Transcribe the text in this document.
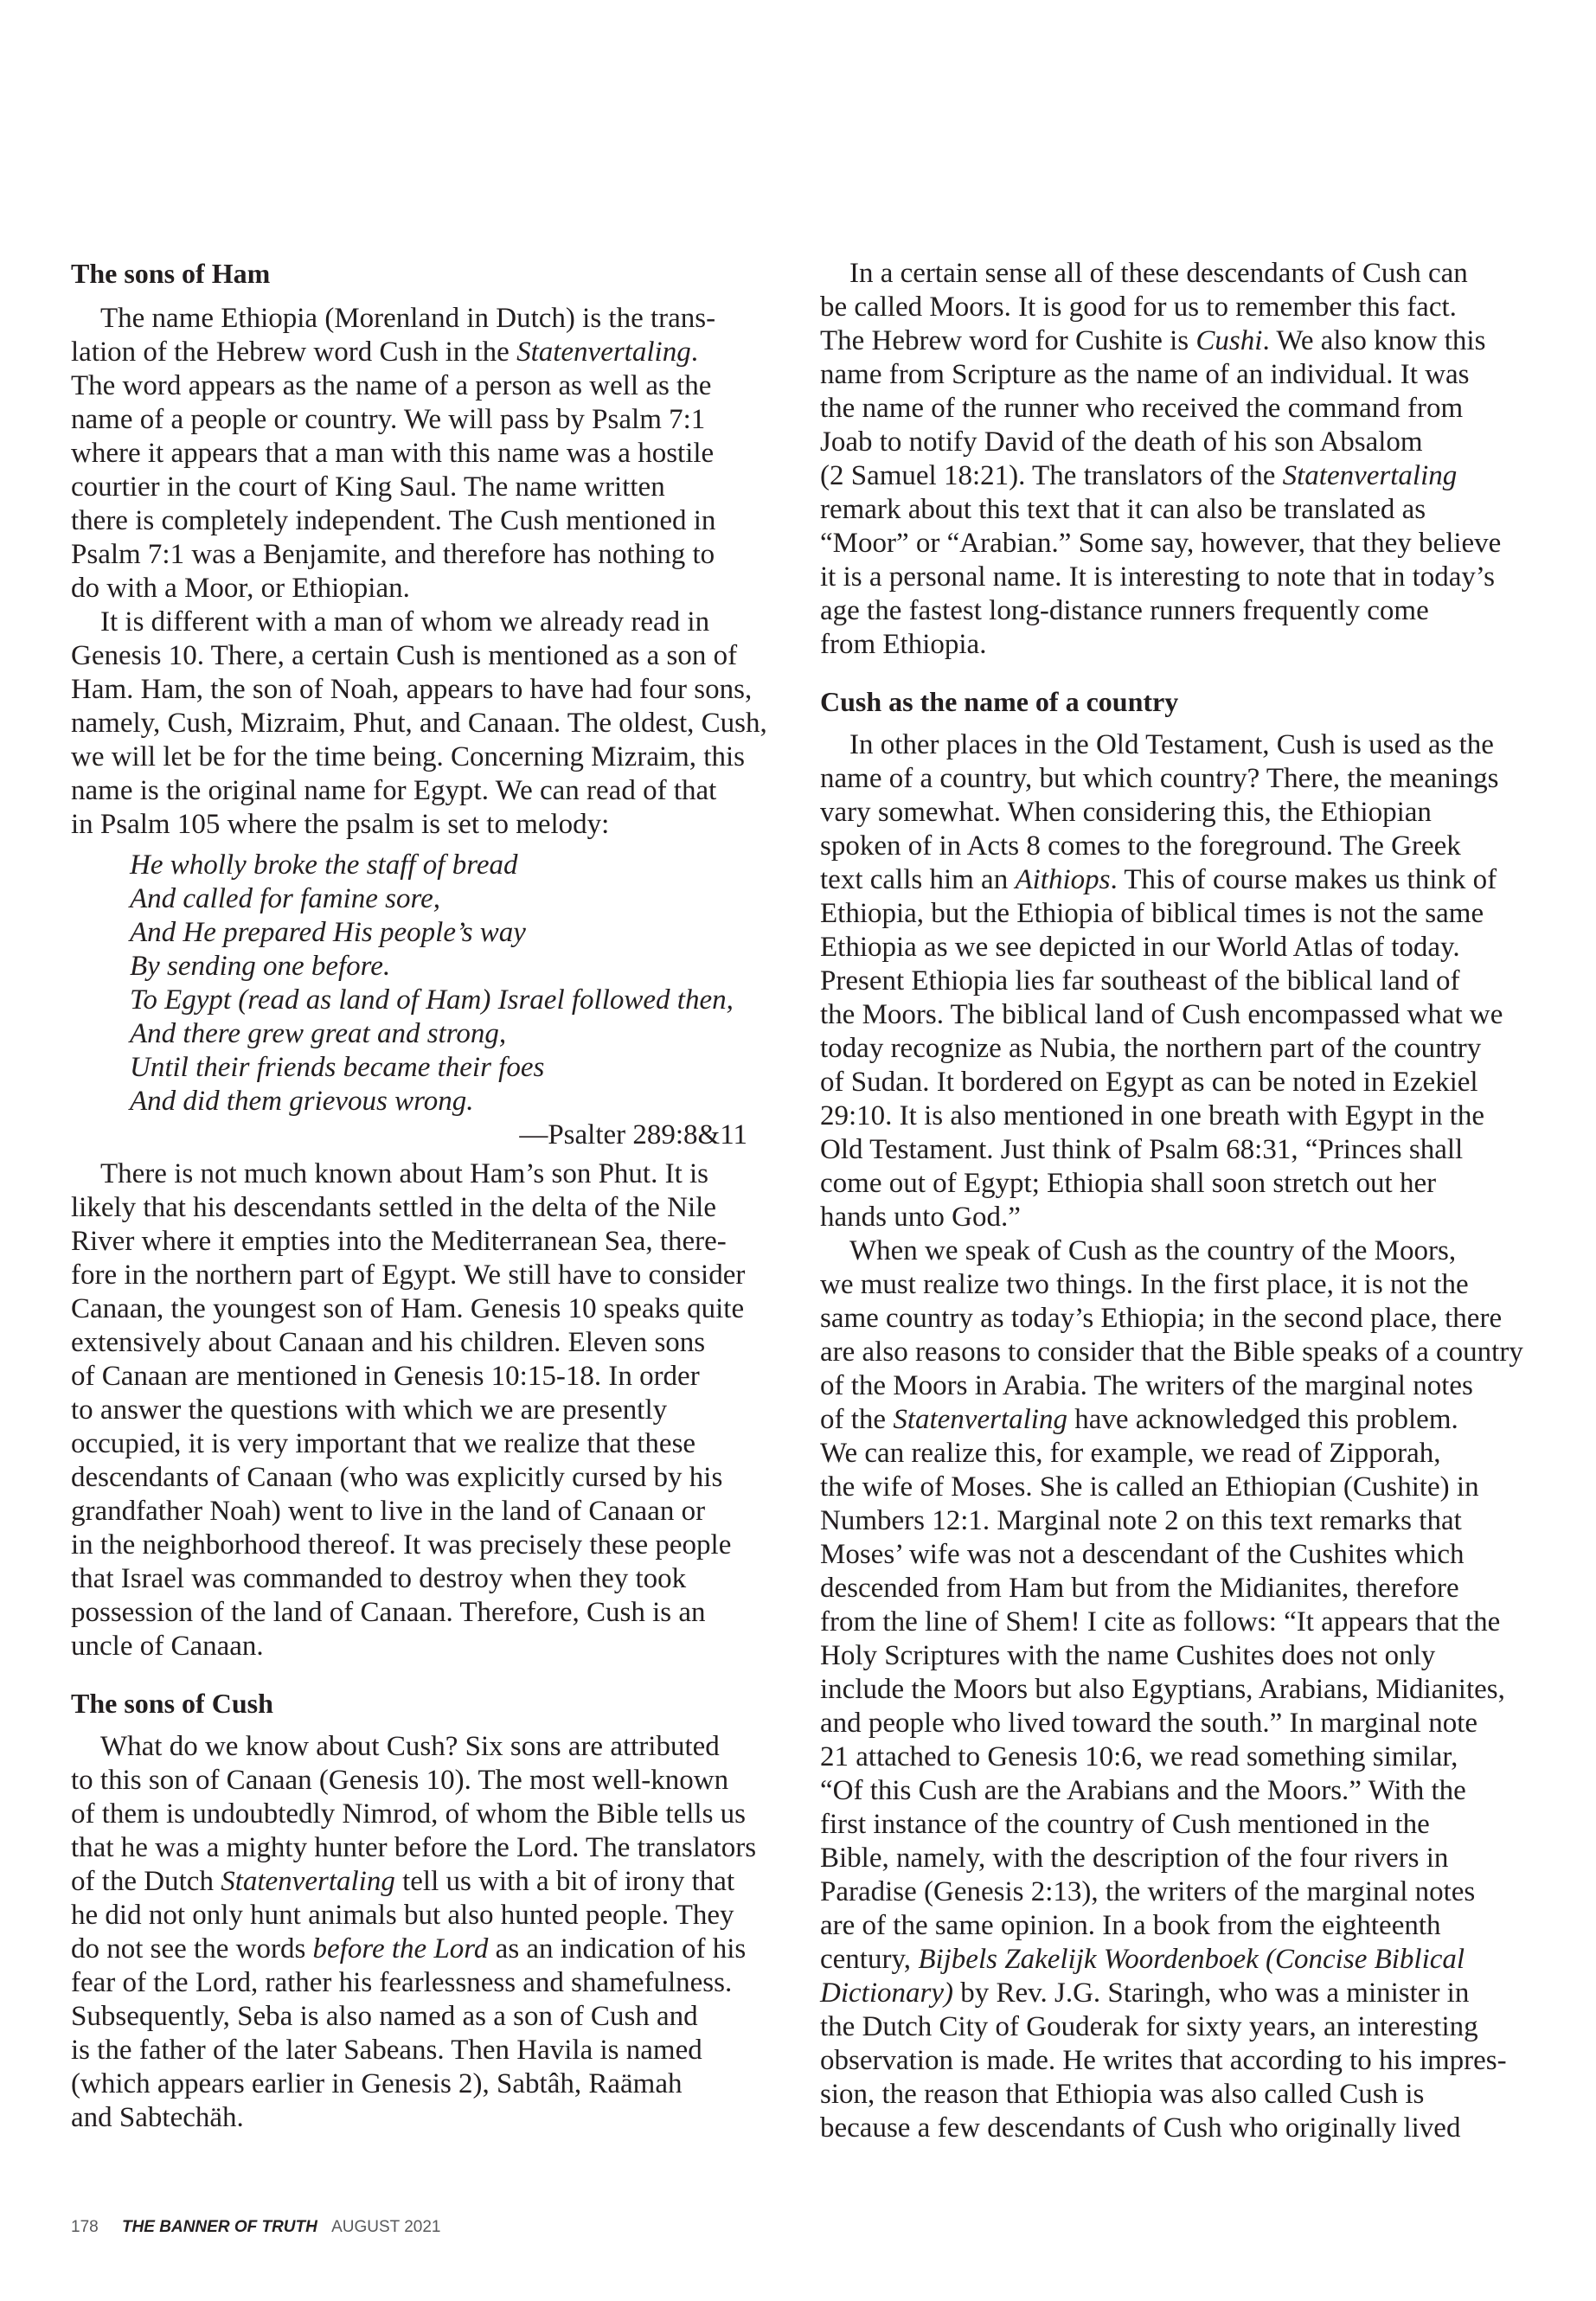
The sons of Ham
The name Ethiopia (Morenland in Dutch) is the trans-
lation of the Hebrew word Cush in the Statenvertaling.
The word appears as the name of a person as well as the
name of a people or country. We will pass by Psalm 7:1
where it appears that a man with this name was a hostile
courtier in the court of King Saul. The name written
there is completely independent. The Cush mentioned in
Psalm 7:1 was a Benjamite, and therefore has nothing to
do with a Moor, or Ethiopian.
It is different with a man of whom we already read in
Genesis 10. There, a certain Cush is mentioned as a son of
Ham. Ham, the son of Noah, appears to have had four sons,
namely, Cush, Mizraim, Phut, and Canaan. The oldest, Cush,
we will let be for the time being. Concerning Mizraim, this
name is the original name for Egypt. We can read of that
in Psalm 105 where the psalm is set to melody:
He wholly broke the staff of bread
And called for famine sore,
And He prepared His people’s way
By sending one before.
To Egypt (read as land of Ham) Israel followed then,
And there grew great and strong,
Until their friends became their foes
And did them grievous wrong.
—Psalter 289:8&11
There is not much known about Ham’s son Phut. It is
likely that his descendants settled in the delta of the Nile
River where it empties into the Mediterranean Sea, there-
fore in the northern part of Egypt. We still have to consider
Canaan, the youngest son of Ham. Genesis 10 speaks quite
extensively about Canaan and his children. Eleven sons
of Canaan are mentioned in Genesis 10:15-18. In order
to answer the questions with which we are presently
occupied, it is very important that we realize that these
descendants of Canaan (who was explicitly cursed by his
grandfather Noah) went to live in the land of Canaan or
in the neighborhood thereof. It was precisely these people
that Israel was commanded to destroy when they took
possession of the land of Canaan. Therefore, Cush is an
uncle of Canaan.
The sons of Cush
What do we know about Cush? Six sons are attributed
to this son of Canaan (Genesis 10). The most well-known
of them is undoubtedly Nimrod, of whom the Bible tells us
that he was a mighty hunter before the Lord. The translators
of the Dutch Statenvertaling tell us with a bit of irony that
he did not only hunt animals but also hunted people. They
do not see the words before the Lord as an indication of his
fear of the Lord, rather his fearlessness and shamefulness.
Subsequently, Seba is also named as a son of Cush and
is the father of the later Sabeans. Then Havila is named
(which appears earlier in Genesis 2), Sabtâh, Raämah
and Sabtechäh.
In a certain sense all of these descendants of Cush can
be called Moors. It is good for us to remember this fact.
The Hebrew word for Cushite is Cushi. We also know this
name from Scripture as the name of an individual. It was
the name of the runner who received the command from
Joab to notify David of the death of his son Absalom
(2 Samuel 18:21). The translators of the Statenvertaling
remark about this text that it can also be translated as
“Moor” or “Arabian.” Some say, however, that they believe
it is a personal name. It is interesting to note that in today’s
age the fastest long-distance runners frequently come
from Ethiopia.
Cush as the name of a country
In other places in the Old Testament, Cush is used as the
name of a country, but which country? There, the meanings
vary somewhat. When considering this, the Ethiopian
spoken of in Acts 8 comes to the foreground. The Greek
text calls him an Aithiops. This of course makes us think of
Ethiopia, but the Ethiopia of biblical times is not the same
Ethiopia as we see depicted in our World Atlas of today.
Present Ethiopia lies far southeast of the biblical land of
the Moors. The biblical land of Cush encompassed what we
today recognize as Nubia, the northern part of the country
of Sudan. It bordered on Egypt as can be noted in Ezekiel
29:10. It is also mentioned in one breath with Egypt in the
Old Testament. Just think of Psalm 68:31, “Princes shall
come out of Egypt; Ethiopia shall soon stretch out her
hands unto God.”
When we speak of Cush as the country of the Moors,
we must realize two things. In the first place, it is not the
same country as today’s Ethiopia; in the second place, there
are also reasons to consider that the Bible speaks of a country
of the Moors in Arabia. The writers of the marginal notes
of the Statenvertaling have acknowledged this problem.
We can realize this, for example, we read of Zipporah,
the wife of Moses. She is called an Ethiopian (Cushite) in
Numbers 12:1. Marginal note 2 on this text remarks that
Moses’ wife was not a descendant of the Cushites which
descended from Ham but from the Midianites, therefore
from the line of Shem! I cite as follows: “It appears that the
Holy Scriptures with the name Cushites does not only
include the Moors but also Egyptians, Arabians, Midianites,
and people who lived toward the south.” In marginal note
21 attached to Genesis 10:6, we read something similar,
“Of this Cush are the Arabians and the Moors.” With the
first instance of the country of Cush mentioned in the
Bible, namely, with the description of the four rivers in
Paradise (Genesis 2:13), the writers of the marginal notes
are of the same opinion. In a book from the eighteenth
century, Bijbels Zakelijk Woordenboek (Concise Biblical
Dictionary) by Rev. J.G. Staringh, who was a minister in
the Dutch City of Gouderak for sixty years, an interesting
observation is made. He writes that according to his impres-
sion, the reason that Ethiopia was also called Cush is
because a few descendants of Cush who originally lived
178 THE BANNER OF TRUTH AUGUST 2021
